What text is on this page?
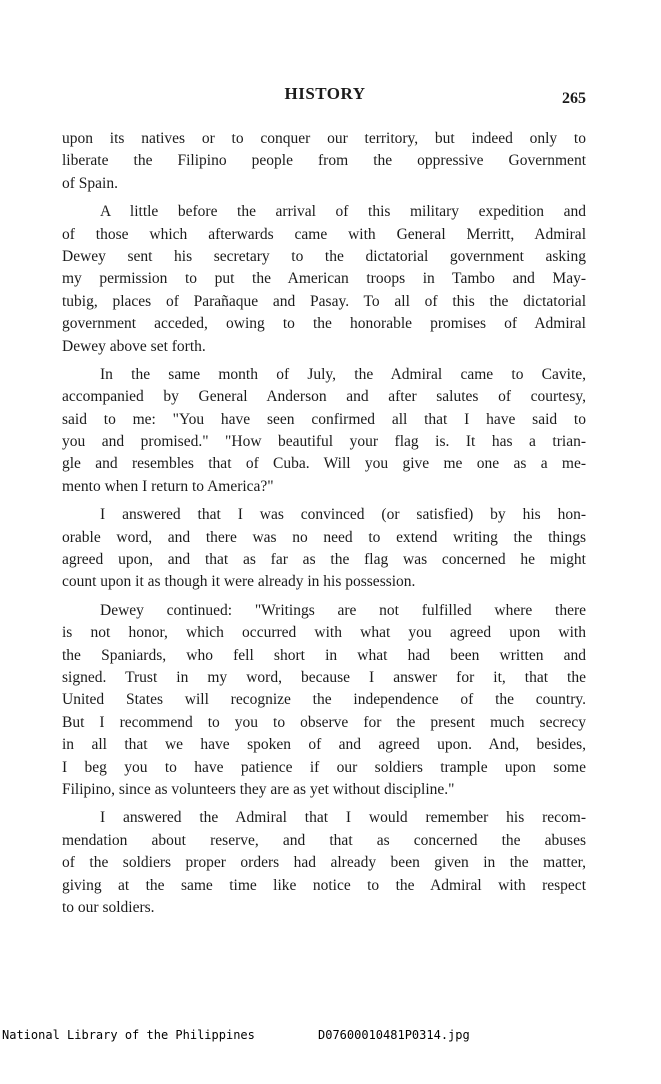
HISTORY	265
upon its natives or to conquer our territory, but indeed only to
liberate the Filipino people from the oppressive Government
of Spain.
A little before the arrival of this military expedition and
of those which afterwards came with General Merritt, Admiral
Dewey sent his secretary to the dictatorial government asking
my permission to put the American troops in Tambo and May-
tubig, places of Parañaque and Pasay. To all of this the dictatorial
government acceded, owing to the honorable promises of Admiral
Dewey above set forth.
In the same month of July, the Admiral came to Cavite,
accompanied by General Anderson and after salutes of courtesy,
said to me: "You have seen confirmed all that I have said to
you and promised." "How beautiful your flag is. It has a trian-
gle and resembles that of Cuba. Will you give me one as a me-
mento when I return to America?"
I answered that I was convinced (or satisfied) by his hon-
orable word, and there was no need to extend writing the things
agreed upon, and that as far as the flag was concerned he might
count upon it as though it were already in his possession.
Dewey continued: "Writings are not fulfilled where there
is not honor, which occurred with what you agreed upon with
the Spaniards, who fell short in what had been written and
signed. Trust in my word, because I answer for it, that the
United States will recognize the independence of the country.
But I recommend to you to observe for the present much secrecy
in all that we have spoken of and agreed upon. And, besides,
I beg you to have patience if our soldiers trample upon some
Filipino, since as volunteers they are as yet without discipline."
I answered the Admiral that I would remember his recom-
mendation about reserve, and that as concerned the abuses
of the soldiers proper orders had already been given in the matter,
giving at the same time like notice to the Admiral with respect
to our soldiers.

National Library of the Philippines

	D07600010481P0314.jpg
